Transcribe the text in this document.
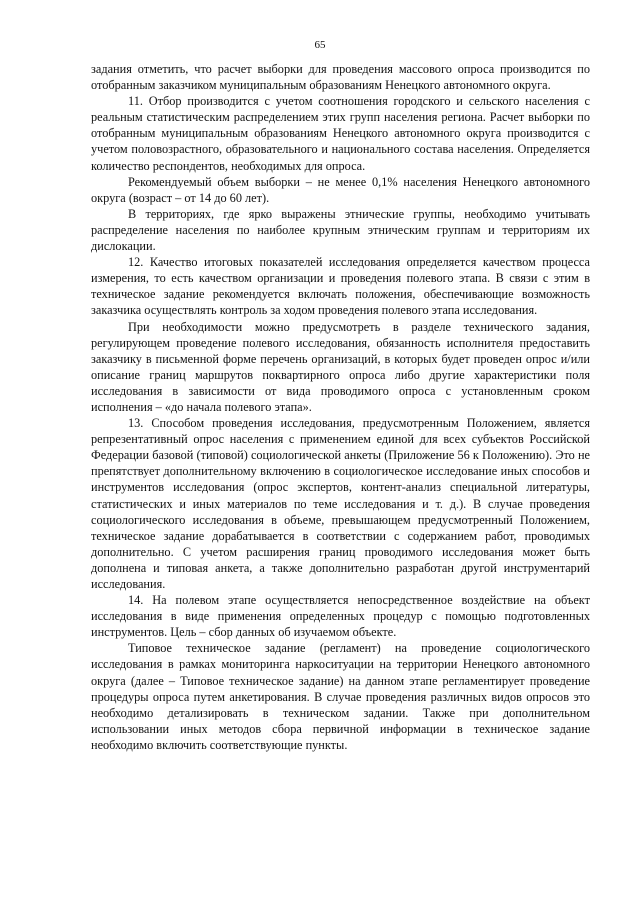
65

задания отметить, что расчет выборки для проведения массового опроса производится по отобранным заказчиком муниципальным образованиям Ненецкого автономного округа.

11. Отбор производится с учетом соотношения городского и сельского населения с реальным статистическим распределением этих групп населения региона. Расчет выборки по отобранным муниципальным образованиям Ненецкого автономного округа производится с учетом половозрастного, образовательного и национального состава населения. Определяется количество респондентов, необходимых для опроса.

Рекомендуемый объем выборки – не менее 0,1% населения Ненецкого автономного округа (возраст – от 14 до 60 лет).

В территориях, где ярко выражены этнические группы, необходимо учитывать распределение населения по наиболее крупным этническим группам и территориям их дислокации.

12. Качество итоговых показателей исследования определяется качеством процесса измерения, то есть качеством организации и проведения полевого этапа. В связи с этим в техническое задание рекомендуется включать положения, обеспечивающие возможность заказчика осуществлять контроль за ходом проведения полевого этапа исследования.

При необходимости можно предусмотреть в разделе технического задания, регулирующем проведение полевого исследования, обязанность исполнителя предоставить заказчику в письменной форме перечень организаций, в которых будет проведен опрос и/или описание границ маршрутов поквартирного опроса либо другие характеристики поля исследования в зависимости от вида проводимого опроса с установленным сроком исполнения – «до начала полевого этапа».

13. Способом проведения исследования, предусмотренным Положением, является репрезентативный опрос населения с применением единой для всех субъектов Российской Федерации базовой (типовой) социологической анкеты (Приложение 56 к Положению). Это не препятствует дополнительному включению в социологическое исследование иных способов и инструментов исследования (опрос экспертов, контент-анализ специальной литературы, статистических и иных материалов по теме исследования и т. д.). В случае проведения социологического исследования в объеме, превышающем предусмотренный Положением, техническое задание дорабатывается в соответствии с содержанием работ, проводимых дополнительно. С учетом расширения границ проводимого исследования может быть дополнена и типовая анкета, а также дополнительно разработан другой инструментарий исследования.

14. На полевом этапе осуществляется непосредственное воздействие на объект исследования в виде применения определенных процедур с помощью подготовленных инструментов. Цель – сбор данных об изучаемом объекте.

Типовое техническое задание (регламент) на проведение социологического исследования в рамках мониторинга наркоситуации на территории Ненецкого автономного округа (далее – Типовое техническое задание) на данном этапе регламентирует проведение процедуры опроса путем анкетирования. В случае проведения различных видов опросов это необходимо детализировать в техническом задании. Также при дополнительном использовании иных методов сбора первичной информации в техническое задание необходимо включить соответствующие пункты.
